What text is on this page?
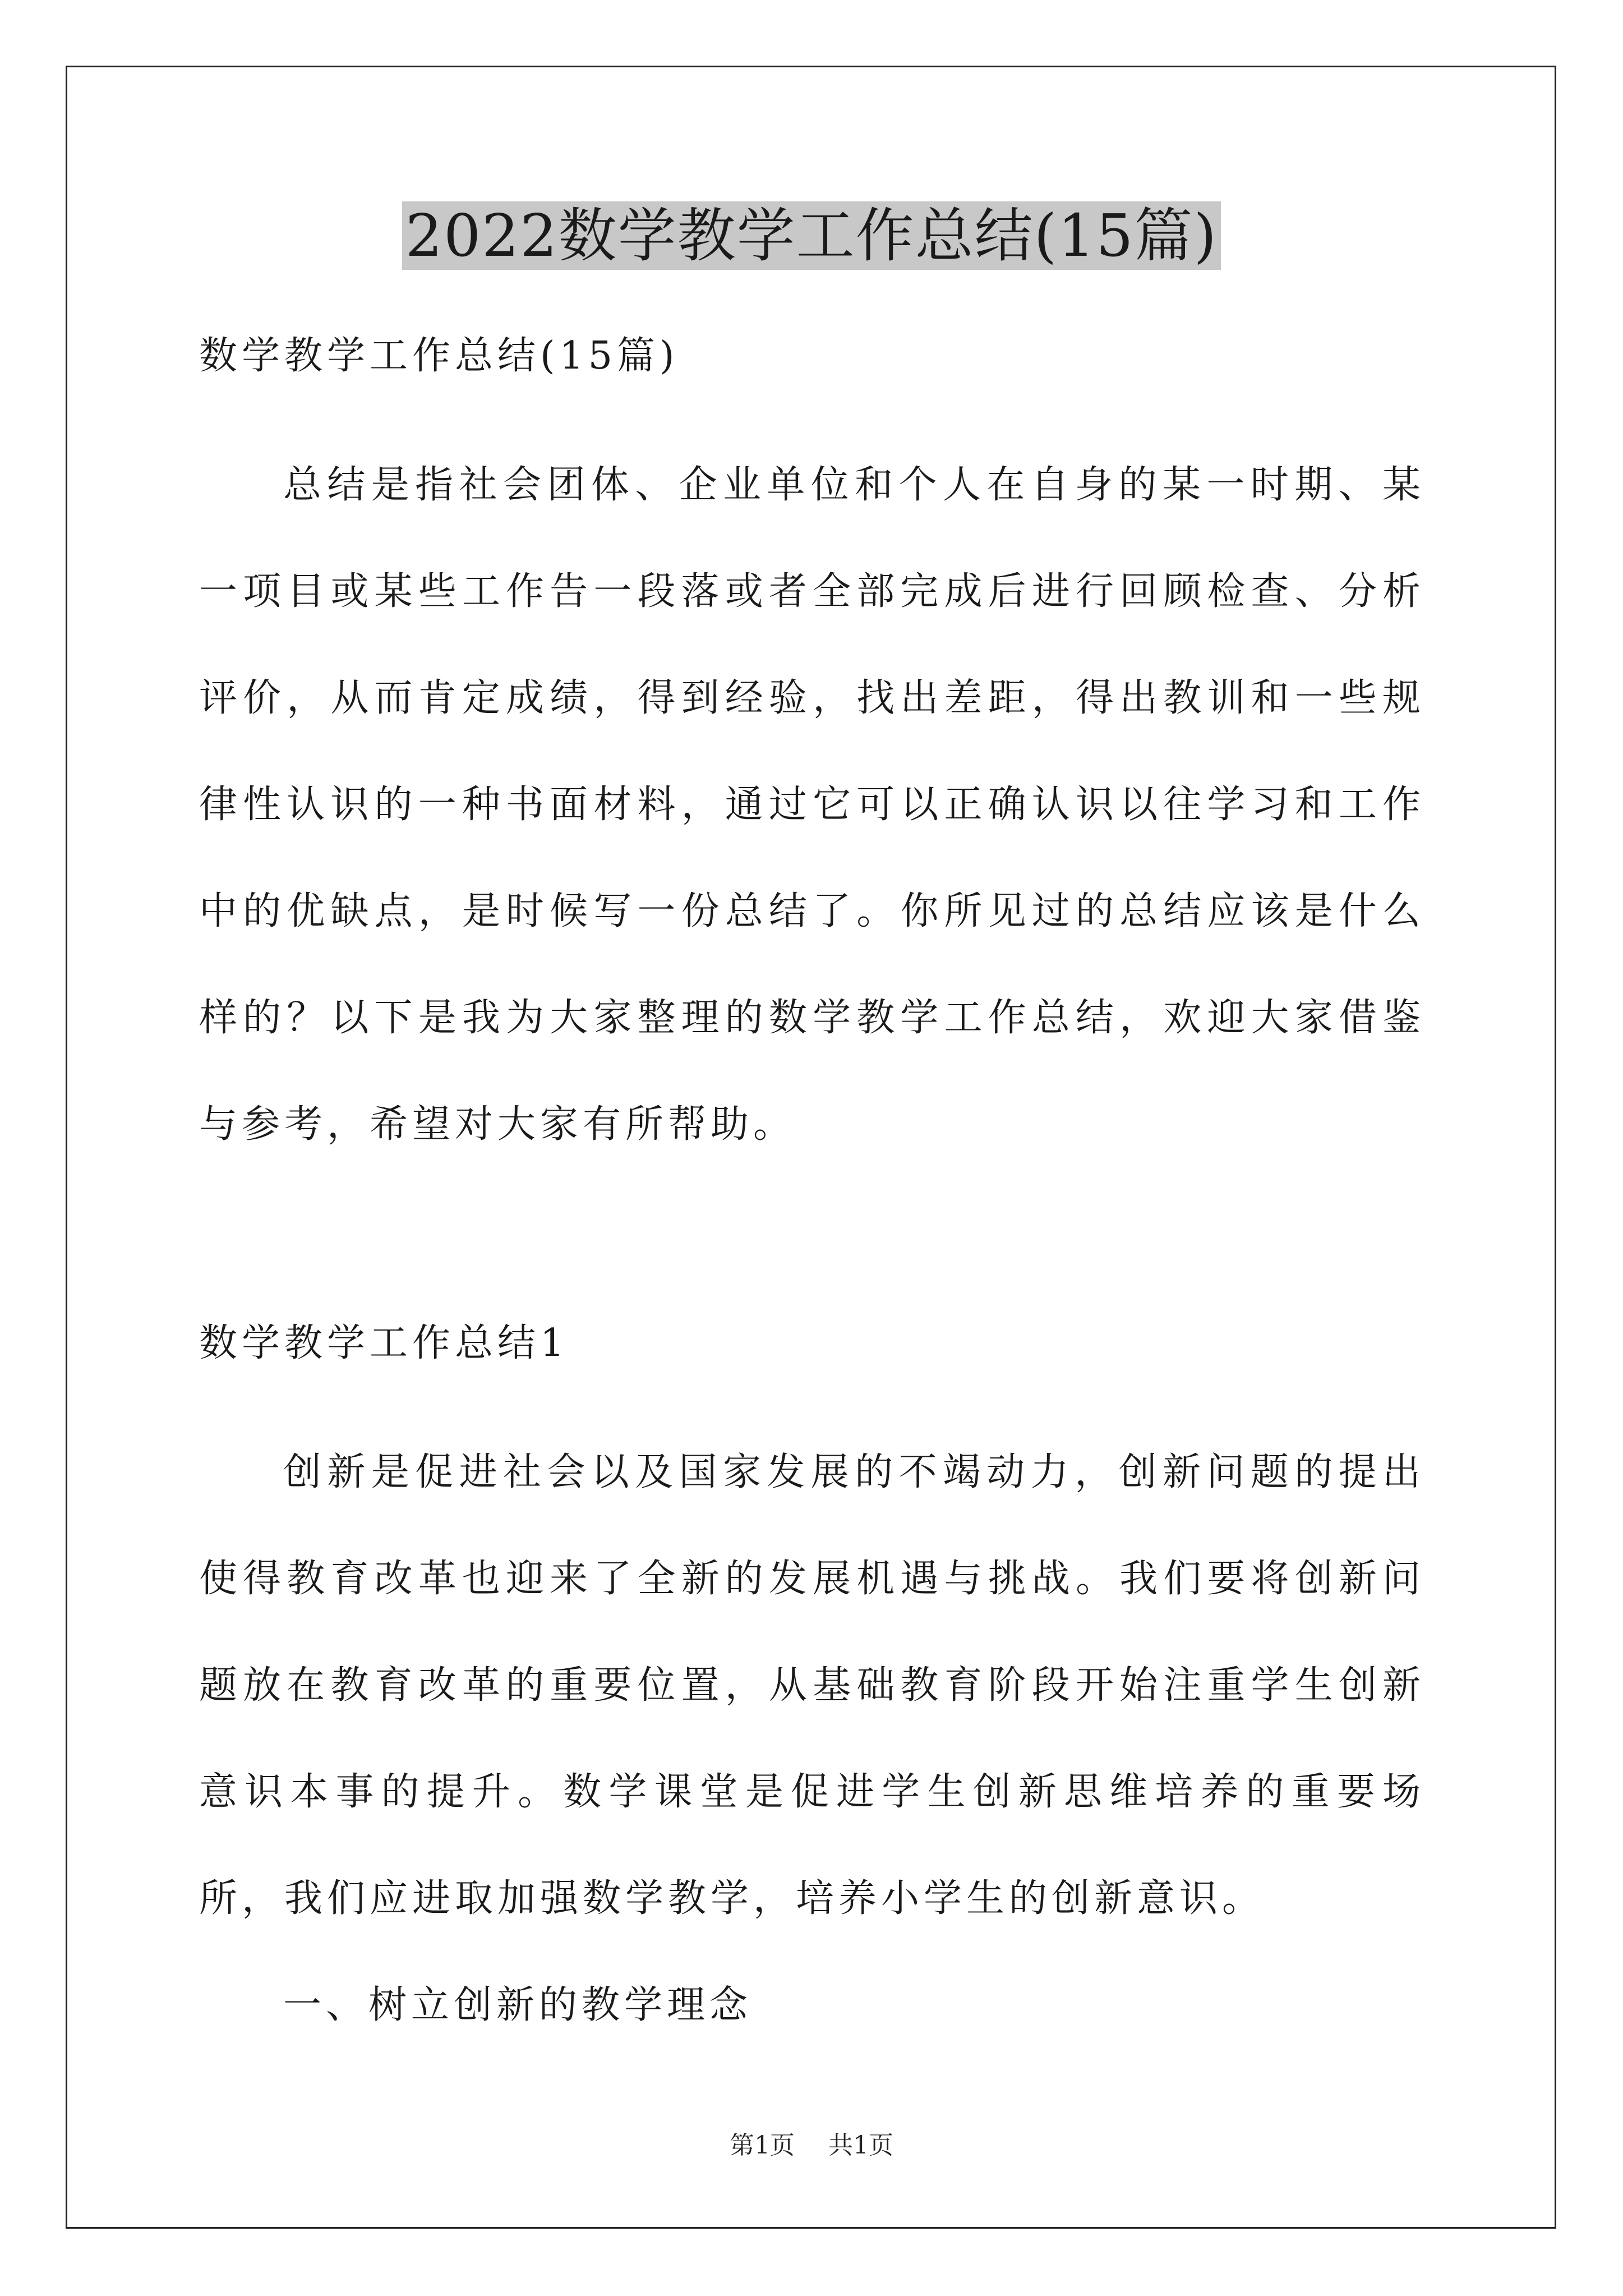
2022数学教学工作总结(15篇)
数学教学工作总结(15篇)

总结是指社会团体、企业单位和个人在自身的某一时期、某一项目或某些工作告一段落或者全部完成后进行回顾检查、分析评价，从而肯定成绩，得到经验，找出差距，得出教训和一些规律性认识的一种书面材料，通过它可以正确认识以往学习和工作中的优缺点，是时候写一份总结了。你所见过的总结应该是什么样的？以下是我为大家整理的数学教学工作总结，欢迎大家借鉴与参考，希望对大家有所帮助。

数学教学工作总结1

创新是促进社会以及国家发展的不竭动力，创新问题的提出使得教育改革也迎来了全新的发展机遇与挑战。我们要将创新问题放在教育改革的重要位置，从基础教育阶段开始注重学生创新意识本事的提升。数学课堂是促进学生创新思维培养的重要场所，我们应进取加强数学教学，培养小学生的创新意识。

一、树立创新的教学理念

第1页 共1页
